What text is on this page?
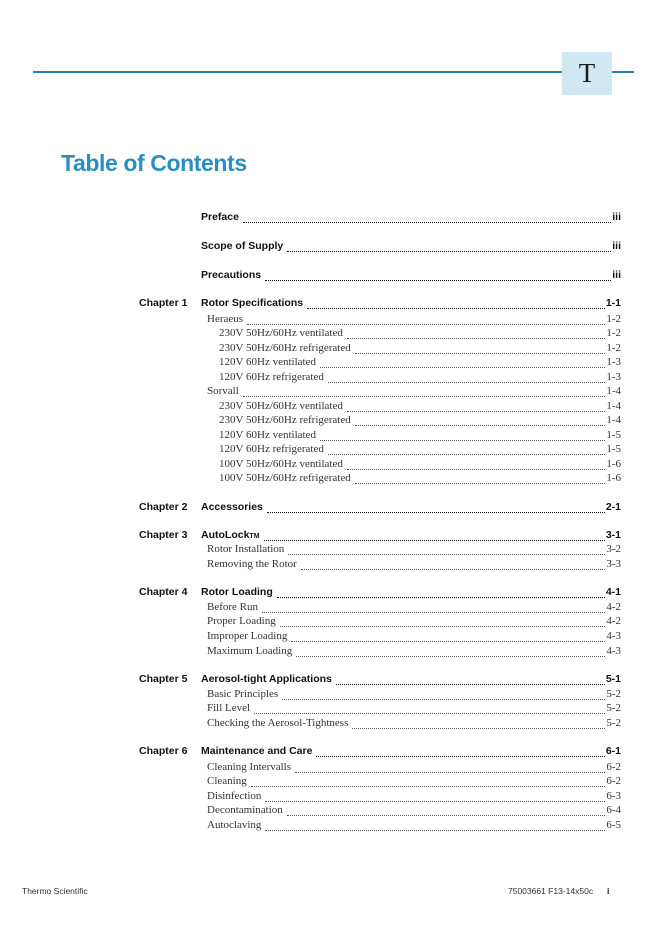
T
Table of Contents
Preface	iii
Scope of Supply	iii
Precautions	iii
Chapter 1 Rotor Specifications	1-1
Heraeus	1-2
230V 50Hz/60Hz ventilated	1-2
230V 50Hz/60Hz refrigerated	1-2
120V 60Hz ventilated	1-3
120V 60Hz refrigerated	1-3
Sorvall	1-4
230V 50Hz/60Hz ventilated	1-4
230V 50Hz/60Hz refrigerated	1-4
120V 60Hz ventilated	1-5
120V 60Hz refrigerated	1-5
100V 50Hz/60Hz ventilated	1-6
100V 50Hz/60Hz refrigerated	1-6
Chapter 2 Accessories	2-1
Chapter 3 AutoLock TM	3-1
Rotor Installation	3-2
Removing the Rotor	3-3
Chapter 4 Rotor Loading	4-1
Before Run	4-2
Proper Loading	4-2
Improper Loading	4-3
Maximum Loading	4-3
Chapter 5 Aerosol-tight Applications	5-1
Basic Principles	5-2
Fill Level	5-2
Checking the Aerosol-Tightness	5-2
Chapter 6 Maintenance and Care	6-1
Cleaning Intervalls	6-2
Cleaning	6-2
Disinfection	6-3
Decontamination	6-4
Autoclaving	6-5
Thermo Scientific	75003661 F13-14x50c i
